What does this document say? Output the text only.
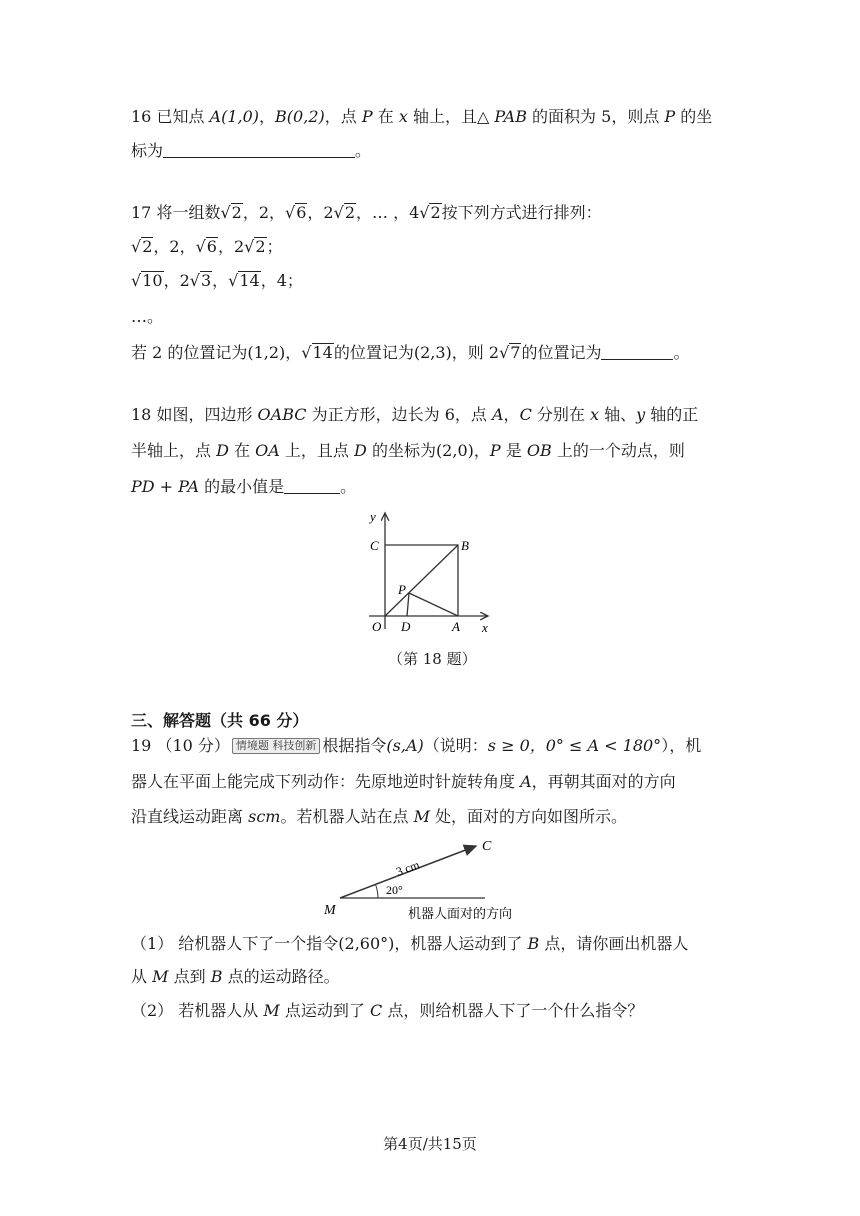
16 已知点 A(1,0)，B(0,2)，点 P 在 x 轴上，且△ PAB 的面积为 5，则点 P 的坐
标为	。
17 将一组数√2，2，√6，2√2，… ，4√2按下列方式进行排列：
√2，2，√6，2√2；
√10，2√3，√14，4；
…。
若 2 的位置记为(1,2)，√14的位置记为(2,3)，则 2√7的位置记为	。
18 如图，四边形 OABC 为正方形，边长为 6，点 A，C 分别在 x 轴、y 轴的正
半轴上，点 D 在 OA 上，且点 D 的坐标为(2,0)，P 是 OB 上的一个动点，则
PD + PA 的最小值是	。
y
x
C	B
P
O D	A
（第 18 题）
三、解答题（共 66 分）
19 （10 分） 情境题 科技创新 根据指令(s,A)（说明：s ≥ 0，0° ≤ A < 180°），机
器人在平面上能完成下列动作：先原地逆时针旋转角度 A，再朝其面对的方向
沿直线运动距离 scm。若机器人站在点 M 处，面对的方向如图所示。
M
C
3 cm
20°
机器人面对的方向
（1） 给机器人下了一个指令(2,60°)，机器人运动到了 B 点，请你画出机器人
从 M 点到 B 点的运动路径。
（2） 若机器人从 M 点运动到了 C 点，则给机器人下了一个什么指令？
第4页/共15页
